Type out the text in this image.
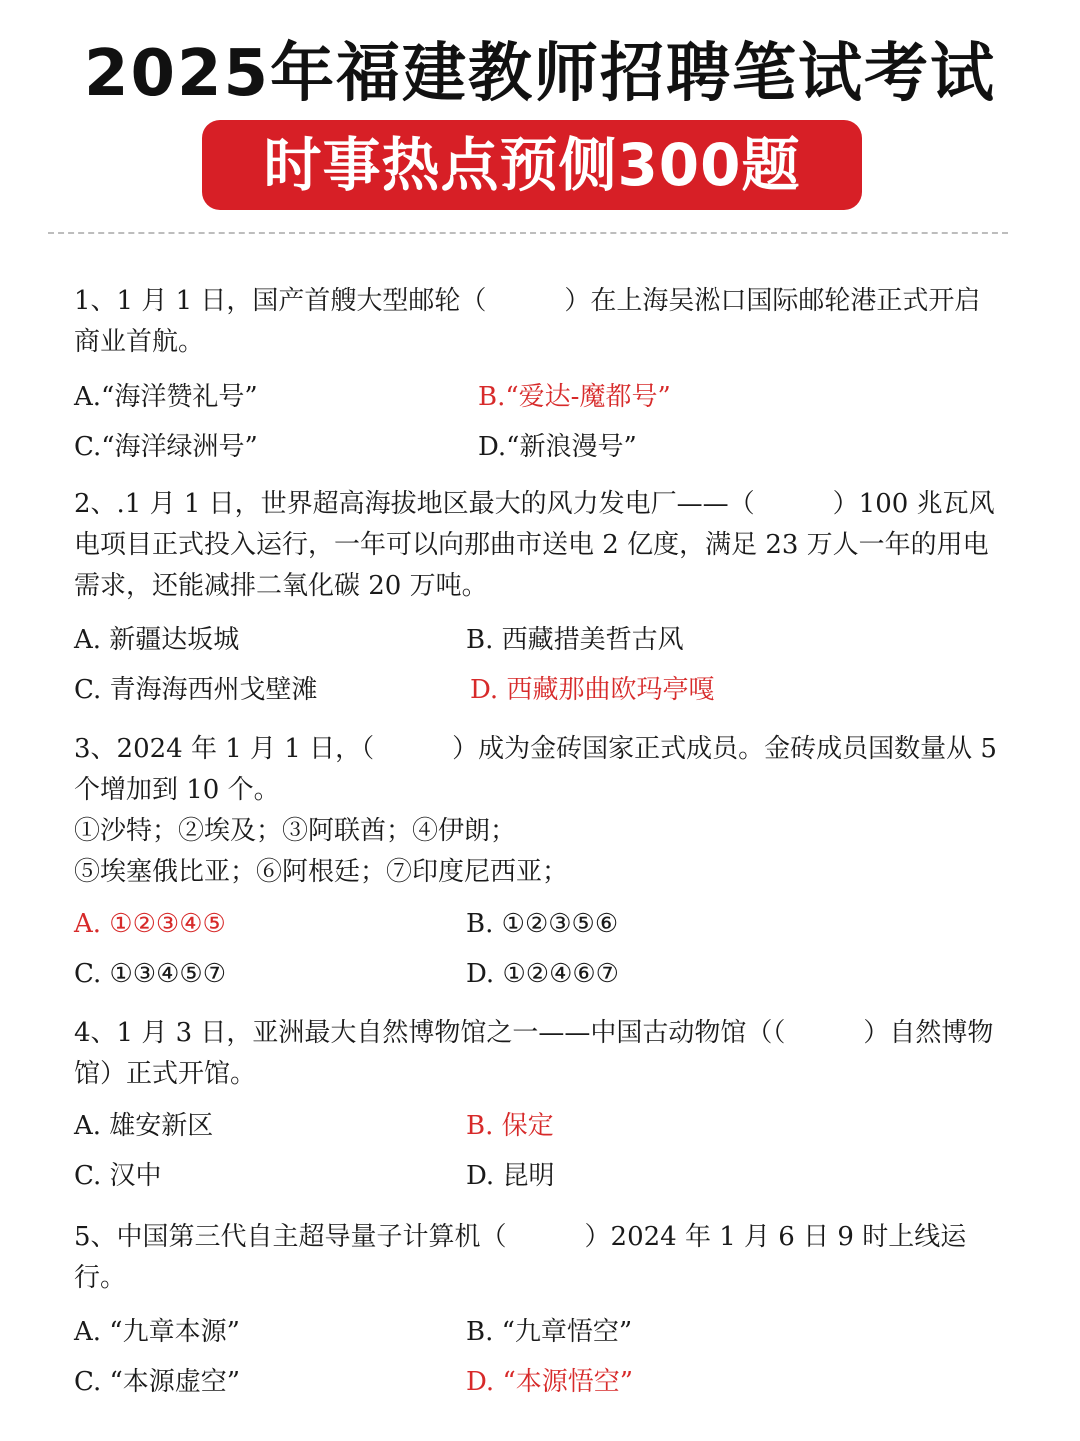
2025年福建教师招聘笔试考试
时事热点预侧300题

1、1 月 1 日，国产首艘大型邮轮（　　　）在上海吴淞口国际邮轮港正式开启商业首航。

A.“海洋赞礼号”	B.“爱达-魔都号”
C.“海洋绿洲号”	D.“新浪漫号”

2、.1 月 1 日，世界超高海拔地区最大的风力发电厂——（　　　）100 兆瓦风电项目正式投入运行，一年可以向那曲市送电 2 亿度，满足 23 万人一年的用电需求，还能减排二氧化碳 20 万吨。

A. 新疆达坂城	B. 西藏措美哲古风
C. 青海海西州戈壁滩	D. 西藏那曲欧玛亭嘎

3、2024 年 1 月 1 日，（　　　）成为金砖国家正式成员。金砖成员国数量从 5 个增加到 10 个。

①沙特；②埃及；③阿联酋；④伊朗；
⑤埃塞俄比亚；⑥阿根廷；⑦印度尼西亚；
A. ①②③④⑤	B. ①②③⑤⑥
C. ①③④⑤⑦	D. ①②④⑥⑦

4、1 月 3 日，亚洲最大自然博物馆之一——中国古动物馆（（　　　）自然博物馆）正式开馆。

A. 雄安新区	B. 保定
C. 汉中	D. 昆明

5、中国第三代自主超导量子计算机（　　　）2024 年 1 月 6 日 9 时上线运行。

A. “九章本源”	B. “九章悟空”
C. “本源虚空”	D. “本源悟空”
